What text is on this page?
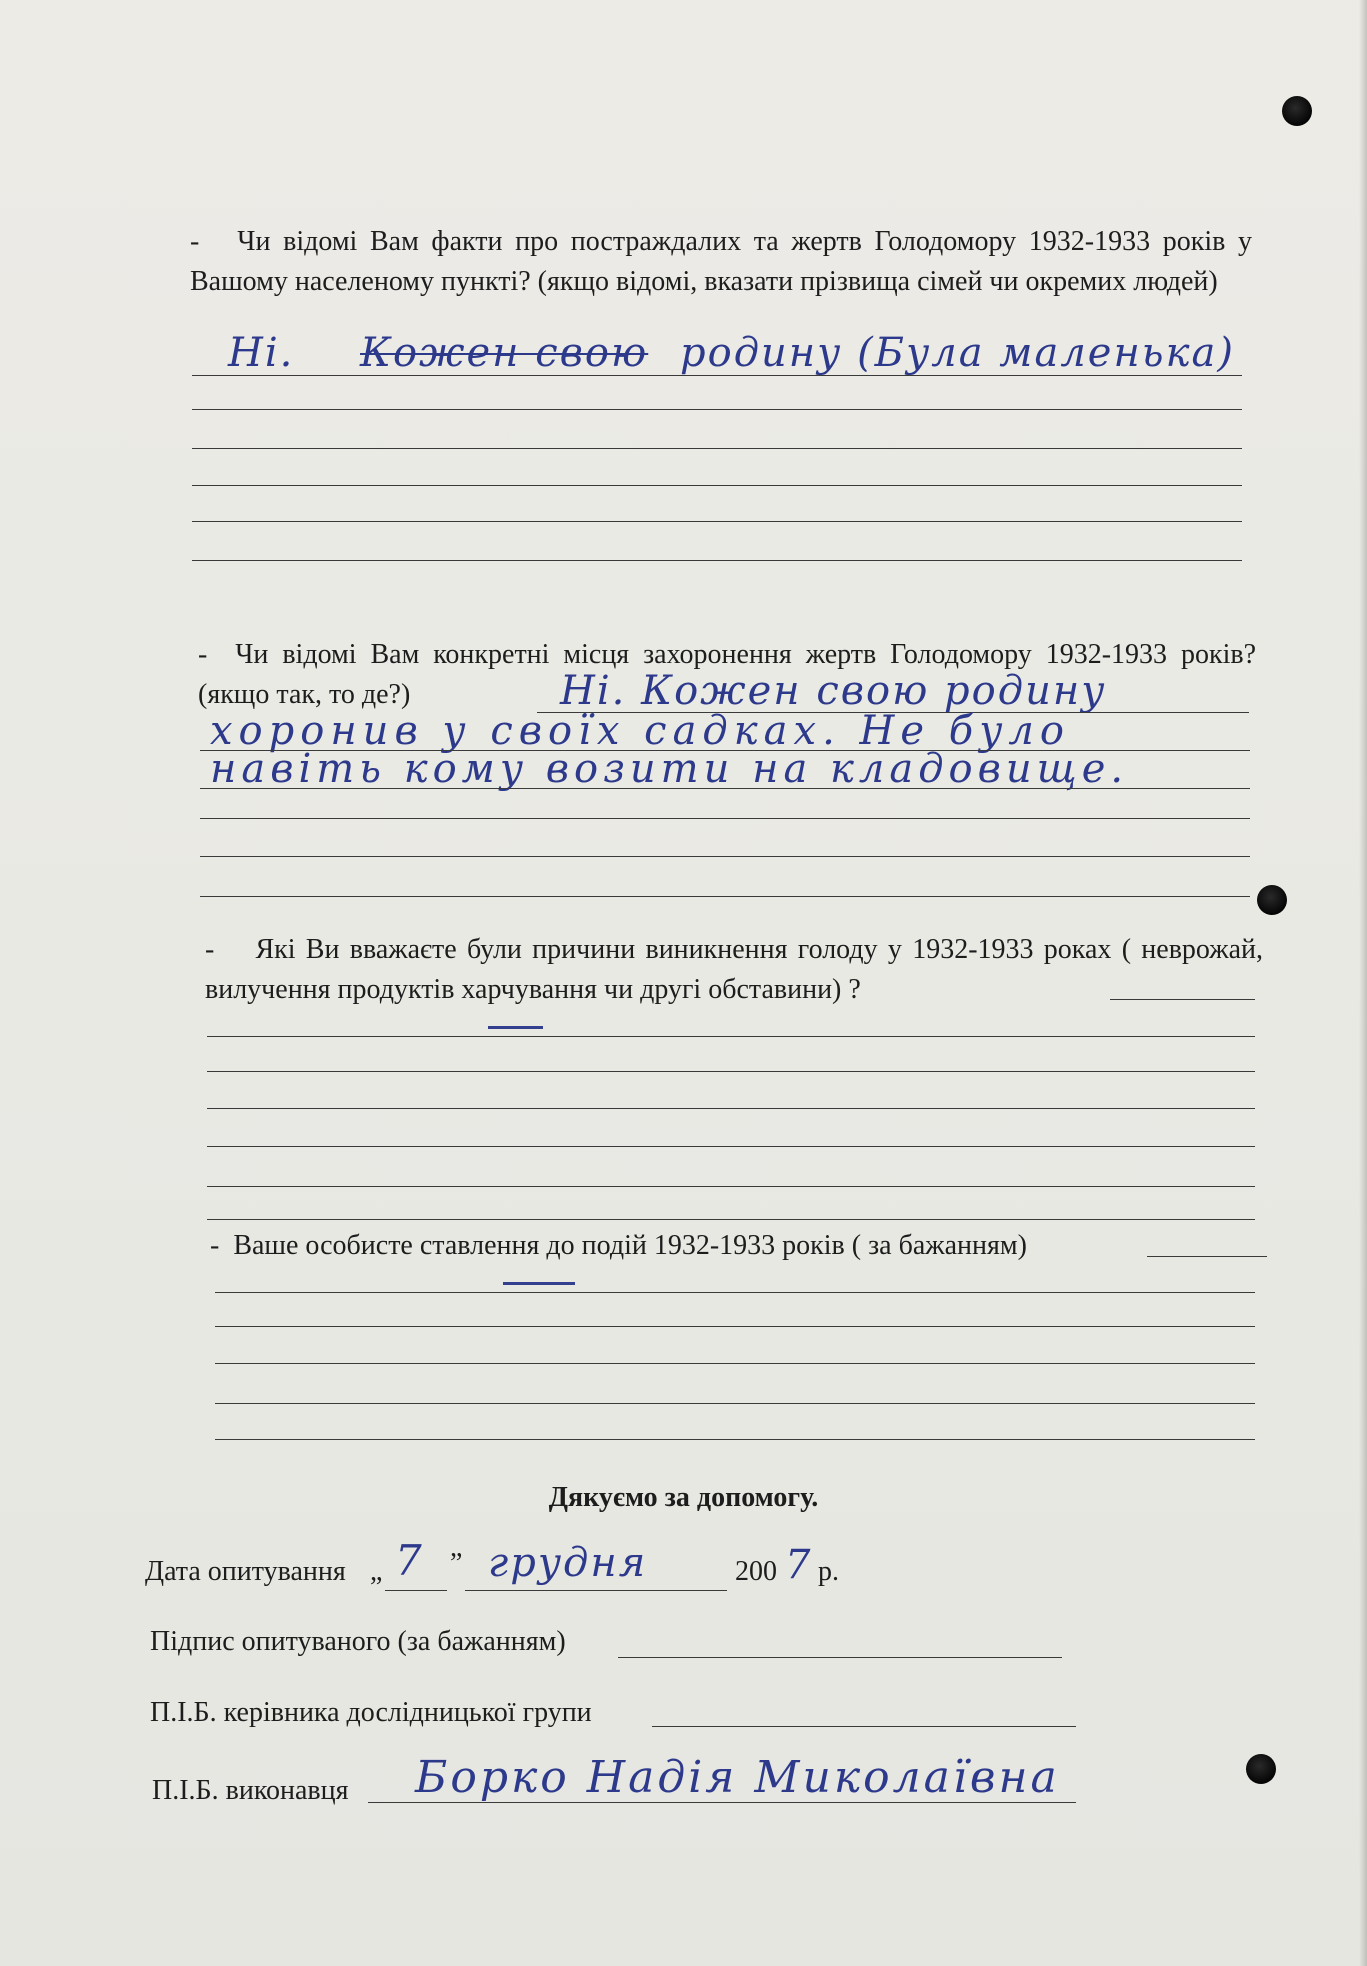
-   Чи відомі Вам факти про постраждалих та жертв Голодомору 1932-1933 років у Вашому населеному пункті? (якщо відомі, вказати прізвища сімей чи окремих людей)
Ні. Кожен свою родину (Була маленька)
-  Чи відомі Вам конкретні місця захоронення жертв Голодомору 1932-1933 років? (якщо так, то де?)	Ні. Кожен свою родину
хоронив у своїх садках. Не було
навіть кому возити на кладовище.
-    Які Ви вважаєте були причини виникнення голоду у 1932-1933 роках ( неврожай, вилучення продуктів харчування чи другі обставини) ?
-  Ваше особисте ставлення до подій 1932-1933 років ( за бажанням)
Дякуємо за допомогу.
Дата опитування „ 7 ” грудня	200 7 р.
Підпис опитуваного (за бажанням)
П.І.Б. керівника дослідницької групи
П.І.Б. виконавця Борко Надія Миколаївна
